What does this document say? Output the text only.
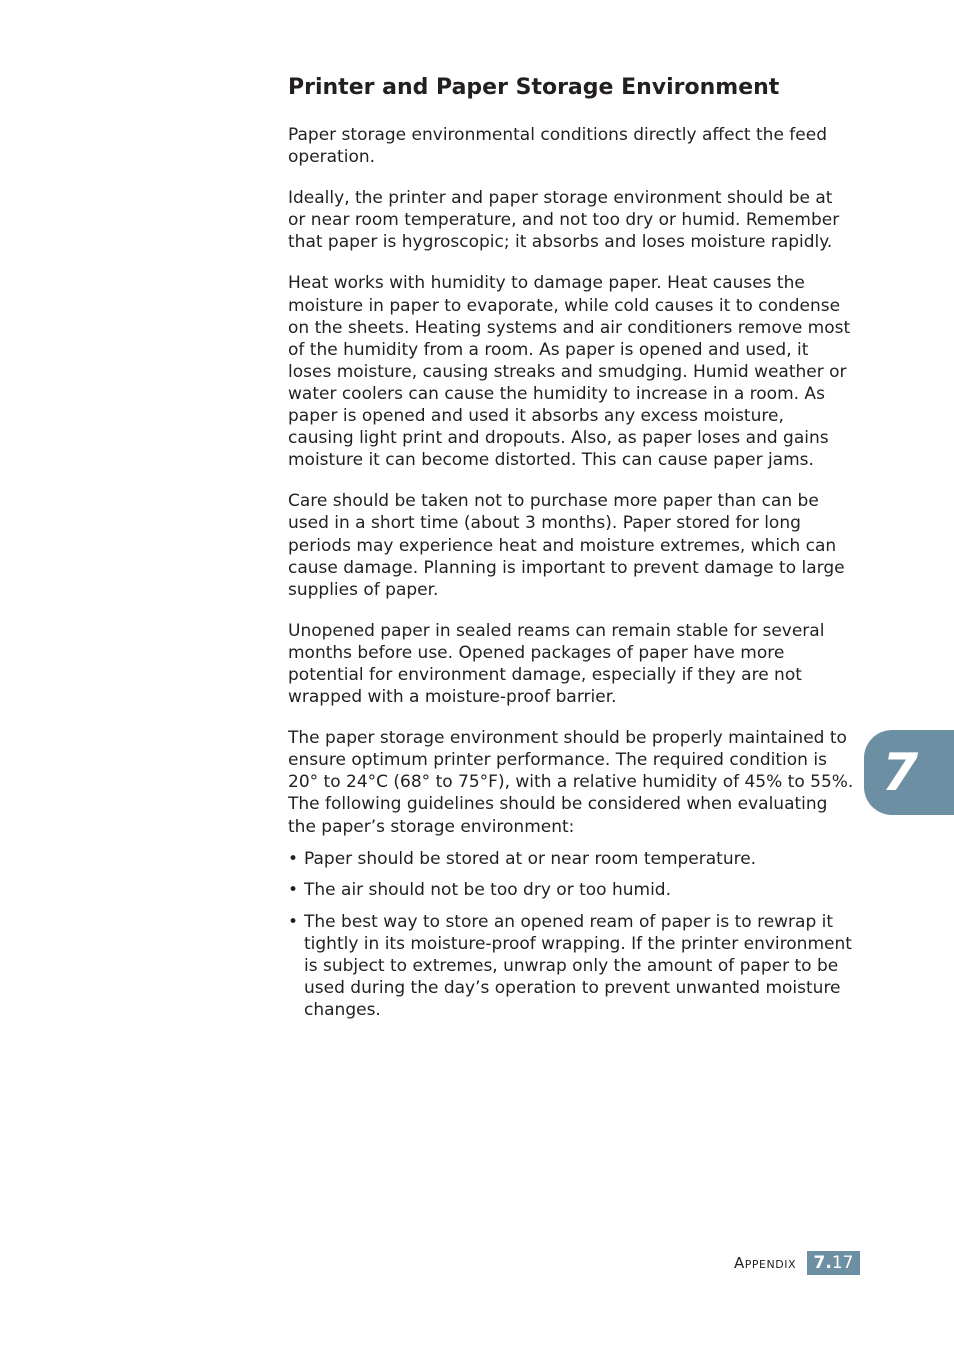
Printer and Paper Storage Environment

Paper storage environmental conditions directly affect the feed operation.

Ideally, the printer and paper storage environment should be at or near room temperature, and not too dry or humid. Remember that paper is hygroscopic; it absorbs and loses moisture rapidly.

Heat works with humidity to damage paper. Heat causes the moisture in paper to evaporate, while cold causes it to condense on the sheets. Heating systems and air conditioners remove most of the humidity from a room. As paper is opened and used, it loses moisture, causing streaks and smudging. Humid weather or water coolers can cause the humidity to increase in a room. As paper is opened and used it absorbs any excess moisture, causing light print and dropouts. Also, as paper loses and gains moisture it can become distorted. This can cause paper jams.

Care should be taken not to purchase more paper than can be used in a short time (about 3 months). Paper stored for long periods may experience heat and moisture extremes, which can cause damage. Planning is important to prevent damage to large supplies of paper.

Unopened paper in sealed reams can remain stable for several months before use. Opened packages of paper have more potential for environment damage, especially if they are not wrapped with a moisture-proof barrier.

The paper storage environment should be properly maintained to ensure optimum printer performance. The required condition is 20° to 24°C (68° to 75°F), with a relative humidity of 45% to 55%. The following guidelines should be considered when evaluating the paper’s storage environment:

• Paper should be stored at or near room temperature.
• The air should not be too dry or too humid.
• The best way to store an opened ream of paper is to rewrap it tightly in its moisture-proof wrapping. If the printer environment is subject to extremes, unwrap only the amount of paper to be used during the day’s operation to prevent unwanted moisture changes.
7
Appendix	7.17
